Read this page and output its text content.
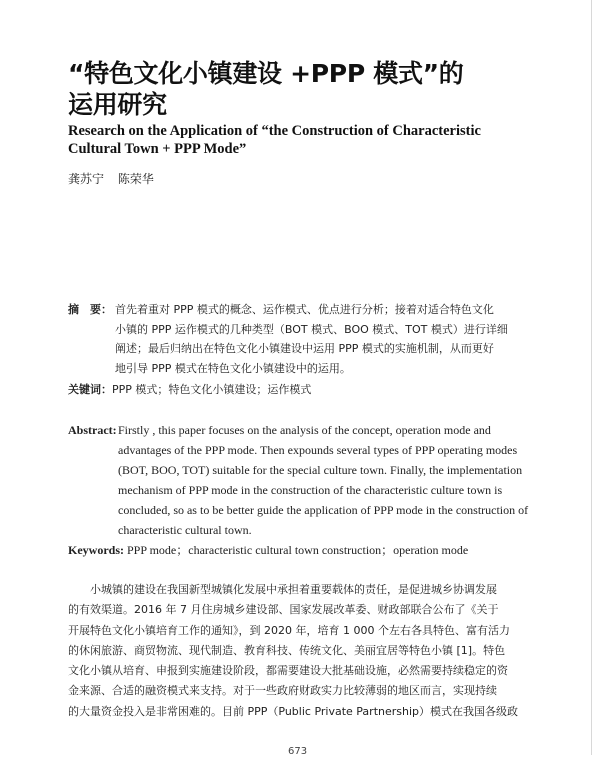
“特色文化小镇建设 +PPP 模式”的
运用研究
Research on the Application of “the Construction of Characteristic
Cultural Town + PPP Mode”
龚苏宁 陈荣华
摘　要： 首先着重对 PPP 模式的概念、运作模式、优点进行分析；接着对适合特色文化
小镇的 PPP 运作模式的几种类型（BOT 模式、BOO 模式、TOT 模式）进行详细
阐述；最后归纳出在特色文化小镇建设中运用 PPP 模式的实施机制，从而更好
地引导 PPP 模式在特色文化小镇建设中的运用。
关键词：PPP 模式；特色文化小镇建设；运作模式
Abstract:Firstly , this paper focuses on the analysis of the concept, operation mode and
advantages of the PPP mode. Then expounds several types of PPP operating modes
(BOT, BOO, TOT) suitable for the special culture town. Finally, the implementation
mechanism of PPP mode in the construction of the characteristic culture town is
concluded, so as to be better guide the application of PPP mode in the construction of
characteristic cultural town.
Keywords: PPP mode；characteristic cultural town construction；operation mode
小城镇的建设在我国新型城镇化发展中承担着重要载体的责任，是促进城乡协调发展
的有效渠道。2016 年 7 月住房城乡建设部、国家发展改革委、财政部联合公布了《关于
开展特色文化小镇培育工作的通知》，到 2020 年，培育 1 000 个左右各具特色、富有活力
的休闲旅游、商贸物流、现代制造、教育科技、传统文化、美丽宜居等特色小镇 [1]。特色
文化小镇从培育、申报到实施建设阶段，都需要建设大批基础设施，必然需要持续稳定的资
金来源、合适的融资模式来支持。对于一些政府财政实力比较薄弱的地区而言，实现持续
的大量资金投入是非常困难的。目前 PPP（Public Private Partnership）模式在我国各级政
673
